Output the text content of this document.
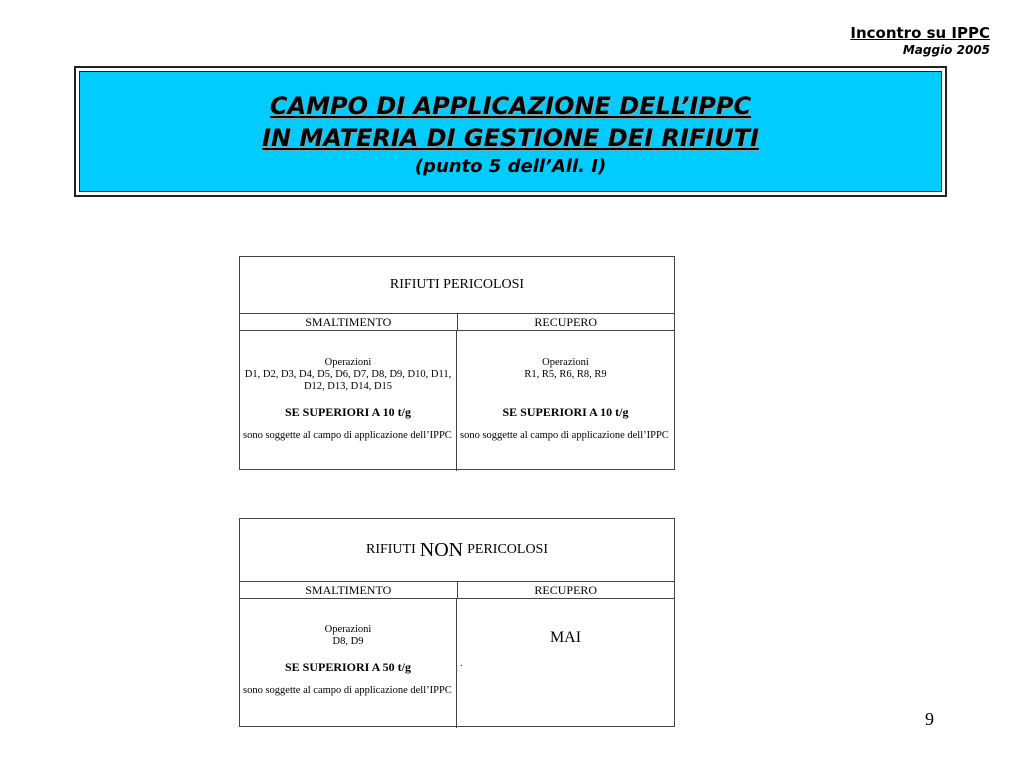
Incontro su IPPC
Maggio 2005
CAMPO DI APPLICAZIONE DELL’IPPC
IN MATERIA DI GESTIONE DEI RIFIUTI
(punto 5 dell’All. I)
RIFIUTI PERICOLOSI
SMALTIMENTO	RECUPERO
Operazioni
D1, D2, D3, D4, D5, D6, D7, D8, D9, D10, D11, D12, D13, D14, D15
SE SUPERIORI A 10 t/g
sono soggette al campo di applicazione dell’IPPC
Operazioni
R1, R5, R6, R8, R9
SE SUPERIORI A 10 t/g
sono soggette al campo di applicazione dell’IPPC
RIFIUTI NON PERICOLOSI
SMALTIMENTO	RECUPERO
Operazioni
D8, D9
SE SUPERIORI A 50 t/g
sono soggette al campo di applicazione dell’IPPC
MAI
.
9
